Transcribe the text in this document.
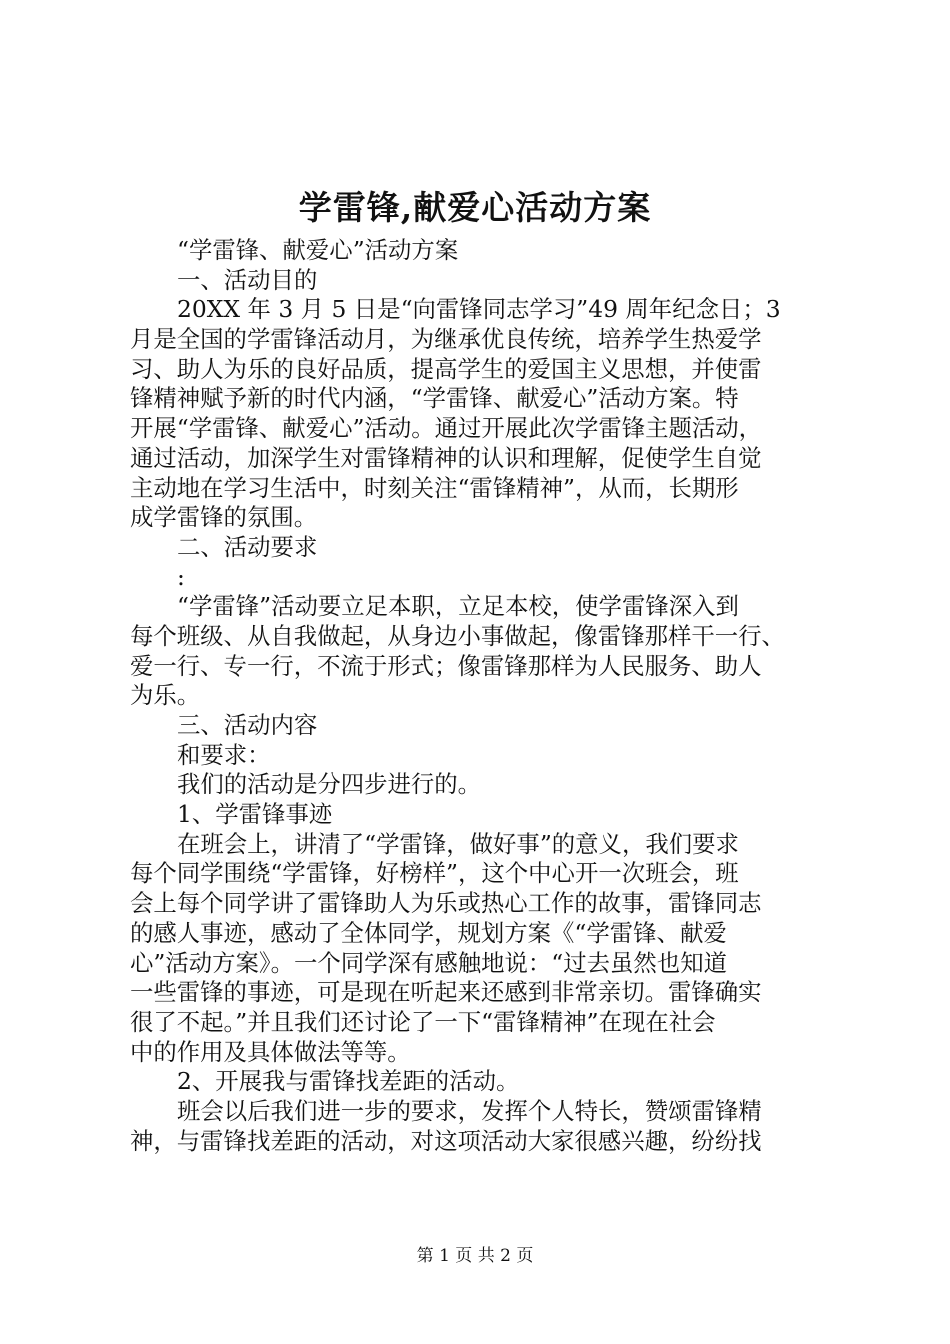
学雷锋,献爱心活动方案
“学雷锋、献爱心”活动方案
一、活动目的
20XX 年 3 月 5 日是“向雷锋同志学习”49 周年纪念日；3
月是全国的学雷锋活动月，为继承优良传统，培养学生热爱学
习、助人为乐的良好品质，提高学生的爱国主义思想，并使雷
锋精神赋予新的时代内涵，“学雷锋、献爱心”活动方案。特
开展“学雷锋、献爱心”活动。通过开展此次学雷锋主题活动，
通过活动，加深学生对雷锋精神的认识和理解，促使学生自觉
主动地在学习生活中，时刻关注“雷锋精神”，从而，长期形
成学雷锋的氛围。
二、活动要求
:
“学雷锋”活动要立足本职，立足本校，使学雷锋深入到
每个班级、从自我做起，从身边小事做起，像雷锋那样干一行、
爱一行、专一行，不流于形式；像雷锋那样为人民服务、助人
为乐。
三、活动内容
和要求：
我们的活动是分四步进行的。
1、学雷锋事迹
在班会上，讲清了“学雷锋，做好事”的意义，我们要求
每个同学围绕“学雷锋，好榜样”，这个中心开一次班会，班
会上每个同学讲了雷锋助人为乐或热心工作的故事，雷锋同志
的感人事迹，感动了全体同学，规划方案《“学雷锋、献爱
心”活动方案》。一个同学深有感触地说：“过去虽然也知道
一些雷锋的事迹，可是现在听起来还感到非常亲切。雷锋确实
很了不起。”并且我们还讨论了一下“雷锋精神”在现在社会
中的作用及具体做法等等。
2、开展我与雷锋找差距的活动。
班会以后我们进一步的要求，发挥个人特长，赞颂雷锋精
神，与雷锋找差距的活动，对这项活动大家很感兴趣，纷纷找
第 1 页 共 2 页
